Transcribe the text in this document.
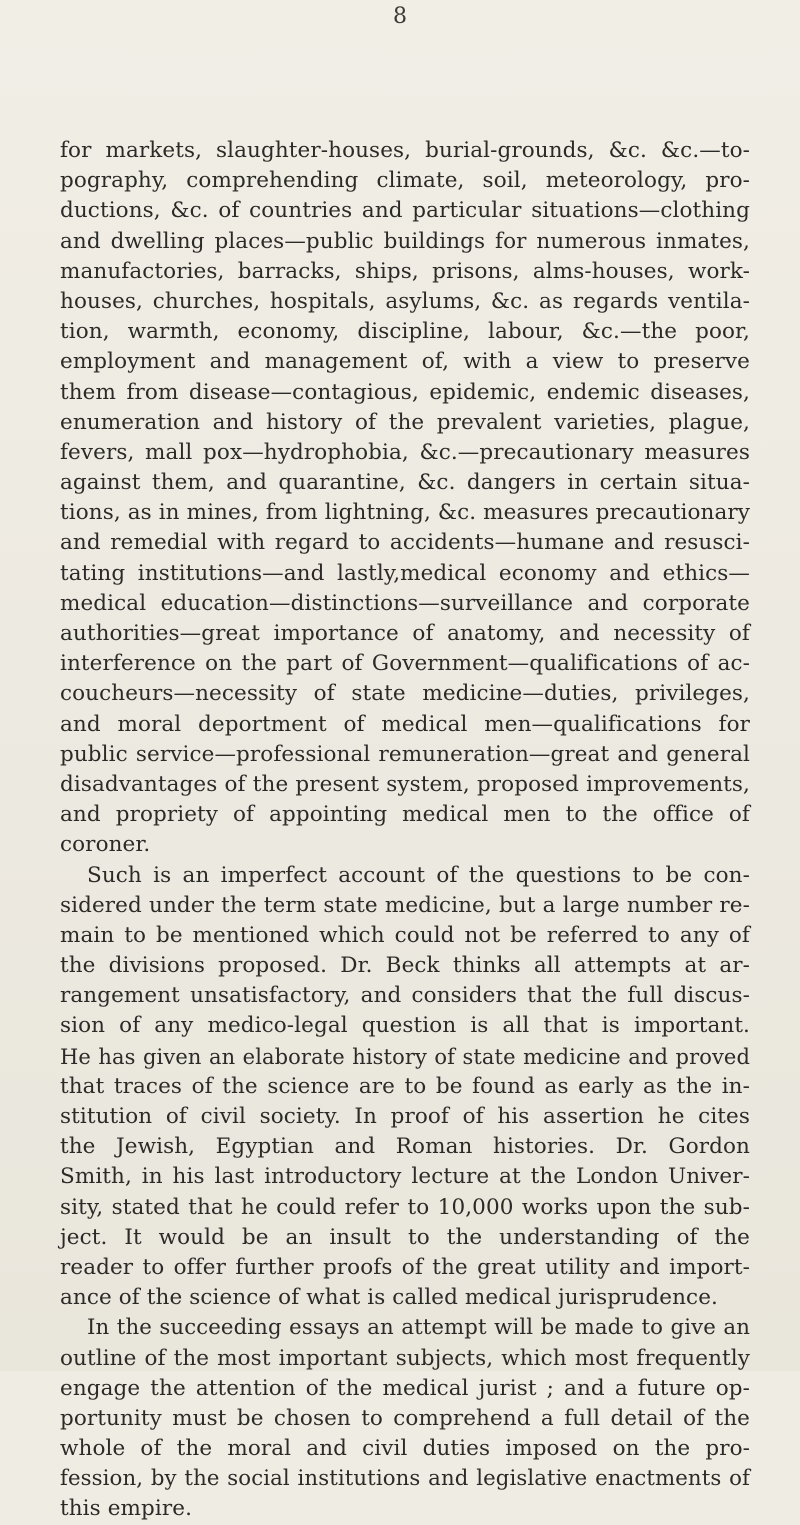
8
for markets, slaughter-houses, burial-grounds, &c. &c.—to-
pography, comprehending climate, soil, meteorology, pro-
ductions, &c. of countries and particular situations—clothing
and dwelling places—public buildings for numerous inmates,
manufactories, barracks, ships, prisons, alms-houses, work-
houses, churches, hospitals, asylums, &c. as regards ventila-
tion, warmth, economy, discipline, labour, &c.—the poor,
employment and management of, with a view to preserve
them from disease—contagious, epidemic, endemic diseases,
enumeration and history of the prevalent varieties, plague,
fevers, mall pox—hydrophobia, &c.—precautionary measures
against them, and quarantine, &c. dangers in certain situa-
tions, as in mines, from lightning, &c. measures precautionary
and remedial with regard to accidents—humane and resusci-
tating institutions—and lastly,medical economy and ethics—
medical education—distinctions—surveillance and corporate
authorities—great importance of anatomy, and necessity of
interference on the part of Government—qualifications of ac-
coucheurs—necessity of state medicine—duties, privileges,
and moral deportment of medical men—qualifications for
public service—professional remuneration—great and general
disadvantages of the present system, proposed improvements,
and propriety of appointing medical men to the office of
coroner.
Such is an imperfect account of the questions to be con-
sidered under the term state medicine, but a large number re-
main to be mentioned which could not be referred to any of
the divisions proposed. Dr. Beck thinks all attempts at ar-
rangement unsatisfactory, and considers that the full discus-
sion of any medico-legal question is all that is important.
He has given an elaborate history of state medicine and proved
that traces of the science are to be found as early as the in-
stitution of civil society. In proof of his assertion he cites
the Jewish, Egyptian and Roman histories. Dr. Gordon
Smith, in his last introductory lecture at the London Univer-
sity, stated that he could refer to 10,000 works upon the sub-
ject. It would be an insult to the understanding of the
reader to offer further proofs of the great utility and import-
ance of the science of what is called medical jurisprudence.
In the succeeding essays an attempt will be made to give an
outline of the most important subjects, which most frequently
engage the attention of the medical jurist ; and a future op-
portunity must be chosen to comprehend a full detail of the
whole of the moral and civil duties imposed on the pro-
fession, by the social institutions and legislative enactments of
this empire.
